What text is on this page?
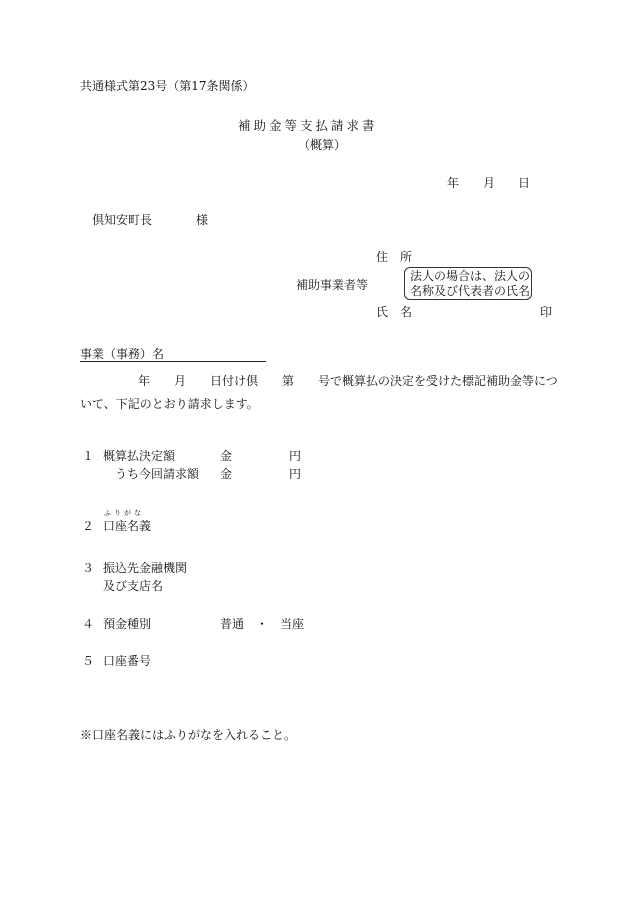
共通様式第23号（第17条関係）
補助金等支払請求書
（概算）
年 月 日
倶知安町長	様
住　所
補助事業者等
法人の場合は、法人の
名称及び代表者の氏名
氏　名	印
事業（事務）名
年 月 日付け倶 第 号で概算払の決定を受けた標記補助金等につ
いて、下記のとおり請求します。
１ 概算払決定額	金	円
うち今回請求額 金	円
２
ふりがな
口座名義
３ 振込先金融機関
及び支店名
４ 預金種別	普通　・　当座
５ 口座番号
※口座名義にはふりがなを入れること。
